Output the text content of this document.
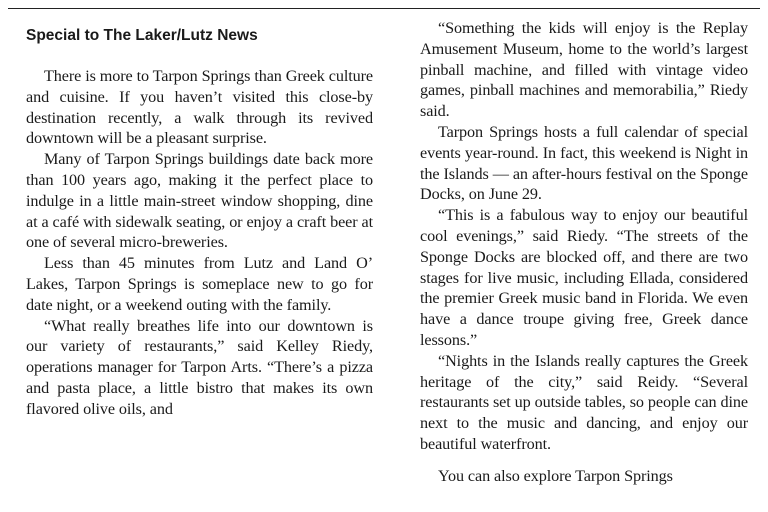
Special to The Laker/Lutz News

There is more to Tarpon Springs than Greek culture and cuisine. If you haven’t visited this close-by destination recently, a walk through its revived downtown will be a pleasant surprise.

Many of Tarpon Springs buildings date back more than 100 years ago, making it the perfect place to indulge in a little main-street window shopping, dine at a café with sidewalk seating, or enjoy a craft beer at one of several micro-breweries.

Less than 45 minutes from Lutz and Land O’ Lakes, Tarpon Springs is someplace new to go for date night, or a weekend outing with the family.

“What really breathes life into our downtown is our variety of restaurants,” said Kelley Riedy, operations manager for Tarpon Arts. “There’s a pizza and pasta place, a little bistro that makes its own flavored olive oils, and

“Something the kids will enjoy is the Replay Amusement Museum, home to the world’s largest pinball machine, and filled with vintage video games, pinball machines and memorabilia,” Riedy said.

Tarpon Springs hosts a full calendar of special events year-round. In fact, this weekend is Night in the Islands — an after-hours festival on the Sponge Docks, on June 29.

“This is a fabulous way to enjoy our beautiful cool evenings,” said Riedy. “The streets of the Sponge Docks are blocked off, and there are two stages for live music, including Ellada, considered the premier Greek music band in Florida. We even have a dance troupe giving free, Greek dance lessons.”

“Nights in the Islands really captures the Greek heritage of the city,” said Reidy. “Several restaurants set up outside tables, so people can dine next to the music and dancing, and enjoy our beautiful waterfront.

You can also explore Tarpon Springs
